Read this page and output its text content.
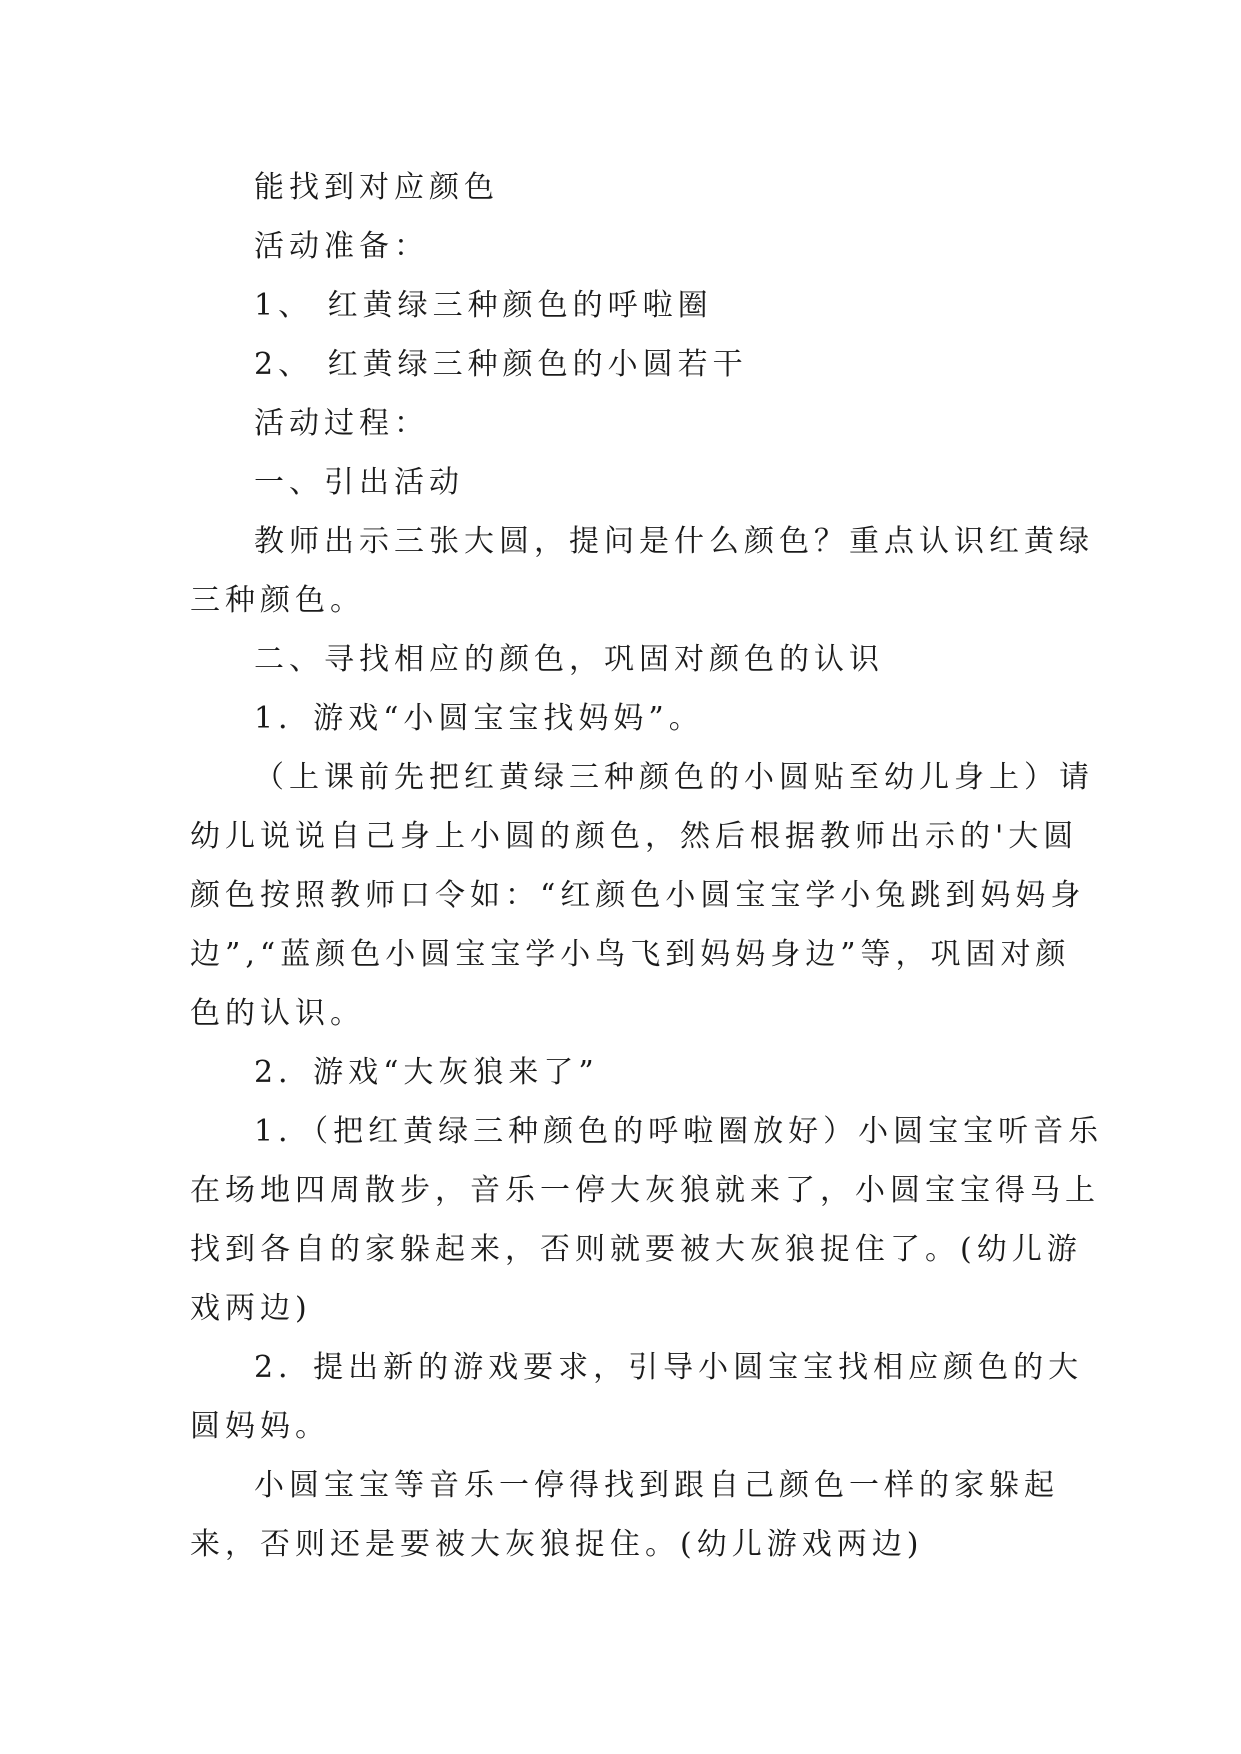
能找到对应颜色
活动准备：
1、 红黄绿三种颜色的呼啦圈
2、 红黄绿三种颜色的小圆若干
活动过程：
一、引出活动
教师出示三张大圆，提问是什么颜色？重点认识红黄绿
三种颜色。
二、寻找相应的颜色，巩固对颜色的认识
1．游戏“小圆宝宝找妈妈”。
（上课前先把红黄绿三种颜色的小圆贴至幼儿身上）请
幼儿说说自己身上小圆的颜色，然后根据教师出示的'大圆
颜色按照教师口令如：“红颜色小圆宝宝学小兔跳到妈妈身
边”,“蓝颜色小圆宝宝学小鸟飞到妈妈身边”等，巩固对颜
色的认识。
2．游戏“大灰狼来了”
1．（把红黄绿三种颜色的呼啦圈放好）小圆宝宝听音乐
在场地四周散步，音乐一停大灰狼就来了，小圆宝宝得马上
找到各自的家躲起来，否则就要被大灰狼捉住了。(幼儿游
戏两边)
2．提出新的游戏要求，引导小圆宝宝找相应颜色的大
圆妈妈。
小圆宝宝等音乐一停得找到跟自己颜色一样的家躲起
来，否则还是要被大灰狼捉住。(幼儿游戏两边)
